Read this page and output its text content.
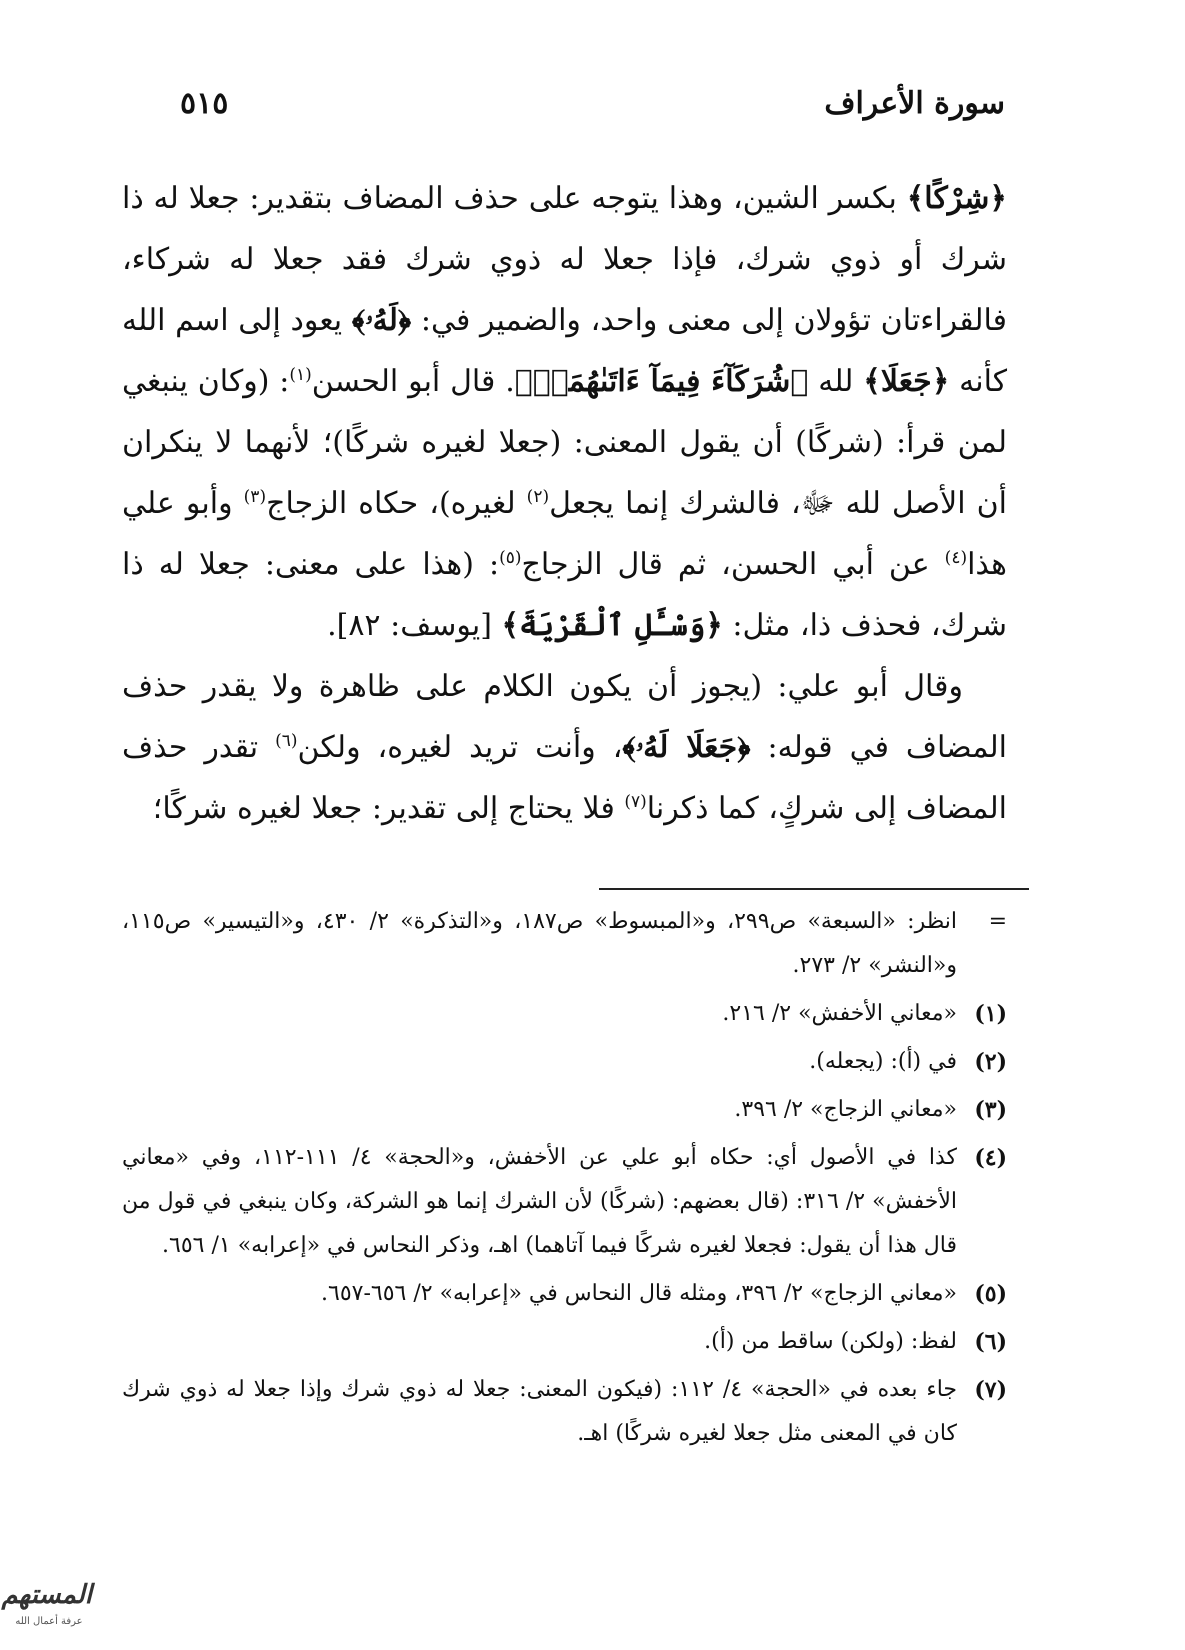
سورة الأعراف
٥١٥

﴿شِرْكًا﴾ بكسر الشين، وهذا يتوجه على حذف المضاف بتقدير: جعلا له ذا شرك أو ذوي شرك، فإذا جعلا له ذوي شرك فقد جعلا له شركاء، فالقراءتان تؤولان إلى معنى واحد، والضمير في: ﴿لَهُۥ﴾ يعود إلى اسم الله كأنه ﴿جَعَلَا﴾ لله ﴿شُرَكَآءَ فِيمَآ ءَاتَىٰهُمَاۚ﴾. قال أبو الحسن$^{(١)}$: (وكان ينبغي لمن قرأ: (شركًا) أن يقول المعنى: (جعلا لغيره شركًا)؛ لأنهما لا ينكران أن الأصل لله ﷻ، فالشرك إنما يجعل$^{(٢)}$ لغيره)، حكاه الزجاج$^{(٣)}$ وأبو علي هذا$^{(٤)}$ عن أبي الحسن، ثم قال الزجاج$^{(٥)}$: (هذا على معنى: جعلا له ذا شرك، فحذف ذا، مثل: ﴿وَسْـَٔلِ ٱلْقَرْيَةَ﴾ [يوسف: ٨٢].

وقال أبو علي: (يجوز أن يكون الكلام على ظاهرة ولا يقدر حذف المضاف في قوله: ﴿جَعَلَا لَهُۥ﴾، وأنت تريد لغيره، ولكن$^{(٦)}$ تقدر حذف المضاف إلى شركٍ، كما ذكرنا$^{(٧)}$ فلا يحتاج إلى تقدير: جعلا لغيره شركًا؛

=
انظر: «السبعة» ص٢٩٩، و«المبسوط» ص١٨٧، و«التذكرة» ٢/ ٤٣٠، و«التيسير» ص١١٥، و«النشر» ٢/ ٢٧٣.
(١)
«معاني الأخفش» ٢/ ٢١٦.
(٢)
في (أ): (يجعله).
(٣)
«معاني الزجاج» ٢/ ٣٩٦.
(٤)
كذا في الأصول أي: حكاه أبو علي عن الأخفش، و«الحجة» ٤/ ١١١-١١٢، وفي «معاني الأخفش» ٢/ ٣١٦: (قال بعضهم: (شركًا) لأن الشرك إنما هو الشركة، وكان ينبغي في قول من قال هذا أن يقول: فجعلا لغيره شركًا فيما آتاهما) اهـ، وذكر النحاس في «إعرابه» ١/ ٦٥٦.
(٥)
«معاني الزجاج» ٢/ ٣٩٦، ومثله قال النحاس في «إعرابه» ٢/ ٦٥٦-٦٥٧.
(٦)
لفظ: (ولكن) ساقط من (أ).
(٧)
جاء بعده في «الحجة» ٤/ ١١٢: (فيكون المعنى: جعلا له ذوي شرك وإذا جعلا له ذوي شرك كان في المعنى مثل جعلا لغيره شركًا) اهـ.
المستهم
عرفة أعمال الله
